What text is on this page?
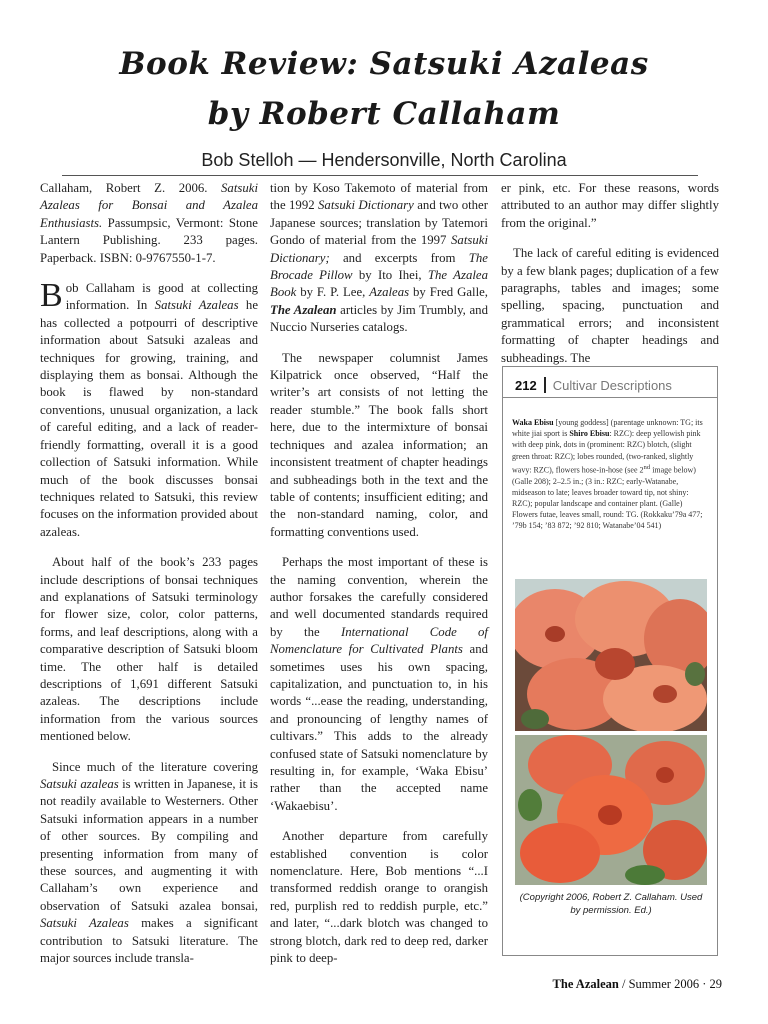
Book Review: Satsuki Azaleas
by Robert Callaham
Bob Stelloh — Hendersonville, North Carolina

Callaham, Robert Z. 2006. Satsuki Azaleas for Bonsai and Azalea Enthusiasts. Passumpsic, Vermont: Stone Lantern Publishing. 233 pages. Paperback. ISBN: 0-9767550-1-7.

Bob Callaham is good at collecting information. In Satsuki Azaleas he has collected a potpourri of descriptive information about Satsuki azaleas and techniques for growing, training, and displaying them as bonsai. Although the book is flawed by non-standard conventions, unusual organization, a lack of careful editing, and a lack of reader-friendly formatting, overall it is a good collection of Satsuki information. While much of the book discusses bonsai techniques related to Satsuki, this review focuses on the information provided about azaleas.

About half of the book’s 233 pages include descriptions of bonsai techniques and explanations of Satsuki terminology for flower size, color, color patterns, forms, and leaf descriptions, along with a comparative description of Satsuki bloom time. The other half is detailed descriptions of 1,691 different Satsuki azaleas. The descriptions include information from the various sources mentioned below.

Since much of the literature covering Satsuki azaleas is written in Japanese, it is not readily available to Westerners. Other Satsuki information appears in a number of other sources. By compiling and presenting information from many of these sources, and augmenting it with Callaham’s own experience and observation of Satsuki azalea bonsai, Satsuki Azaleas makes a significant contribution to Satsuki literature. The major sources include transla-

tion by Koso Takemoto of material from the 1992 Satsuki Dictionary and two other Japanese sources; translation by Tatemori Gondo of material from the 1997 Satsuki Dictionary; and excerpts from The Brocade Pillow by Ito Ihei, The Azalea Book by F. P. Lee, Azaleas by Fred Galle, The Azalean articles by Jim Trumbly, and Nuccio Nurseries catalogs.

The newspaper columnist James Kilpatrick once observed, “Half the writer’s art consists of not letting the reader stumble.” The book falls short here, due to the intermixture of bonsai techniques and azalea information; an inconsistent treatment of chapter headings and subheadings both in the text and the table of contents; insufficient editing; and the non-standard naming, color, and formatting conventions used.

Perhaps the most important of these is the naming convention, wherein the author forsakes the carefully considered and well documented standards required by the International Code of Nomenclature for Cultivated Plants and sometimes uses his own spacing, capitalization, and punctuation to, in his words “...ease the reading, understanding, and pronouncing of lengthy names of cultivars.” This adds to the already confused state of Satsuki nomenclature by resulting in, for example, ‘Waka Ebisu’ rather than the accepted name ‘Wakaebisu’.

Another departure from carefully established convention is color nomenclature. Here, Bob mentions “...I transformed reddish orange to orangish red, purplish red to reddish purple, etc.” and later, “...dark blotch was changed to strong blotch, dark red to deep red, darker pink to deep-

er pink, etc. For these reasons, words attributed to an author may differ slightly from the original.”

The lack of careful editing is evidenced by a few blank pages; duplication of a few paragraphs, tables and images; some spelling, spacing, punctuation and grammatical errors; and inconsistent formatting of chapter headings and subheadings. The

212 Cultivar Descriptions
Waka Ebisu [young goddess] (parentage unknown: TG; its white jiai sport is Shiro Ebisu: RZC): deep yellowish pink with deep pink, dots in (prominent: RZC) blotch, (slight green throat: RZC); lobes rounded, (two-ranked, slightly wavy: RZC), flowers hose-in-hose (see 2nd image below)(Galle 208); 2–2.5 in.; (3 in.: RZC; early-Watanabe, midseason to late; leaves broader toward tip, not shiny: RZC); popular landscape and container plant. (Galle) Flowers futae, leaves small, round: TG. (Rokkaku’79a 477; ’79b 154; ’83 872; ’92 810; Watanabe’04 541)
(Copyright 2006, Robert Z. Callaham. Used by permission. Ed.)
The Azalean / Summer 2006 · 29
